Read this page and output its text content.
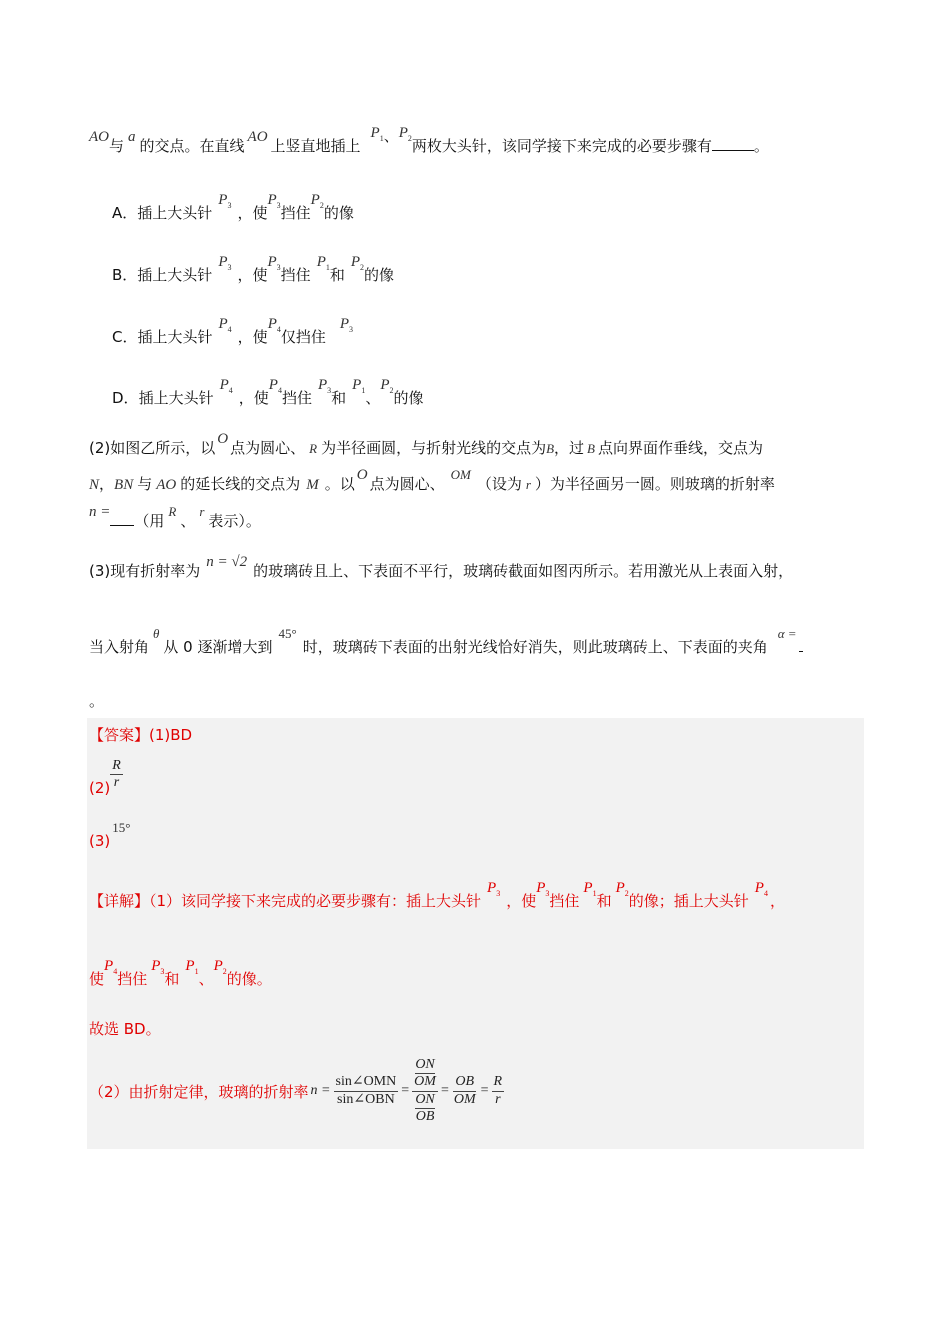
AO与 a 的交点。在直线 AO 上竖直地插上$P_1$、$P_2$两枚大头针，该同学接下来完成的必要步骤有	。
A．插上大头针$P_3$ ，使$P_3$挡住$P_2$的像
B．插上大头针$P_3$ ，使$P_3$挡住$P_1$和$P_2$的像
C．插上大头针$P_4$ ，使$P_4$仅挡住$P_3$
D．插上大头针$P_4$ ，使$P_4$挡住$P_3$和$P_1$、$P_2$的像
(2)如图乙所示，以 O 点为圆心、 R 为半径画圆，与折射光线的交点为B，过 B 点向界面作垂线，交点为
N，BN 与 AO 的延长线的交点为 M 。以 O 点为圆心、OM（设为 r ）为半径画另一圆。则玻璃的折射率
n = （用R、r表示）。
(3)现有折射率为 n = √2 的玻璃砖且上、下表面不平行，玻璃砖截面如图丙所示。若用激光从上表面入射，
当入射角θ从 0 逐渐增大到45°时，玻璃砖下表面的出射光线恰好消失，则此玻璃砖上、下表面的夹角α =
。
【答案】(1)BD
$(2) \frac{R}{r}$
(3)15°
【详解】（1）该同学接下来完成的必要步骤有：插上大头针$P_3$ ，使$P_3$挡住$P_1$和$P_2$的像；插上大头针$P_4$ ，
使$P_4$挡住$P_3$和$P_1$、$P_2$的像。
故选 BD。
（2）由折射定律，玻璃的折射率 $n = \frac{\text{sin∠OMN}}{\text{sin∠OBN}}$ = ON
OM
ON
OB = $\frac{OB}{OM} = \frac{R}{r}$
